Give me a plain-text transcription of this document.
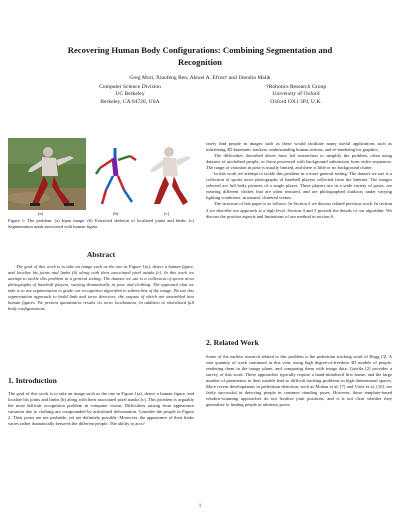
Recovering Human Body Configurations: Combining Segmentation and
Recognition
Greg Mori, Xiaofeng Ren, Alexei A. Efros† and Jitendra Malik
Computer Science Division
UC Berkeley
Berkeley, CA 94720, USA
†Robotics Research Group
University of Oxford
Oxford OX1 3PJ, U.K.
(a)	(b)	(c)
Figure 1: The problem: (a) Input image. (b) Extracted skeleton of localized joints and limbs. (c) Segmentation mask associated with human figure.
Abstract

The goal of this work is to take an image such as the one in Figure 1(a), detect a human figure, and localize his joints and limbs (b) along with their associated pixel masks (c). In this work we attempt to tackle this problem in a general setting. The dataset we use is a collection of sports news photographs of baseball players, varying dramatically in pose and clothing. The approach that we take is to use segmentation to guide our recognition algorithm to salient bits of the image. We use this segmentation approach to build limb and torso detectors, the outputs of which are assembled into human figures. We present quantitative results on torso localization, in addition to shortlisted full body configurations.

1. Introduction

The goal of this work is to take an image such as the one in Figure 1(a), detect a human figure, and localize his joints and limbs (b) along with their associated pixel masks (c). This problem is arguably the most difficult recognition problem in computer vision. Difficulties arising from appearance variation due to clothing are compounded by articulated deformation. Consider the people in Figure 2. Their poses are not probable, yet are definitely possible. Moreover, the appearance of their limbs varies rather dramatically between the different people. The ability to accu-

rately find people in images such as these would facilitate many useful applications such as initializing 3D kinematic trackers, understanding human actions, and re-rendering for graphics.

The difficulties described above have led researchers to simplify the problem, often using datasets of unclothed people, or those processed with background subtraction from video sequences. The range of variation in pose is usually limited, and there is little or no background clutter.

In this work we attempt to tackle this problem in a more general setting. The dataset we use is a collection of sports news photographs of baseball players collected from the Internet. The images selected are full body pictures of a single player. These players are in a wide variety of poses, are wearing different clothes that are often textured, and are photographed outdoors under varying lighting conditions, in natural, cluttered scenes.

The structure of this paper is as follows. In Section 2 we discuss related previous work. In section 3 we describe our approach at a high level. Section 4 and 5 provide the details of our algorithm. We discuss the positive aspects and limitations of our method in section 6.

2. Related Work

Some of the earliest research related to this problem is the pedestrian tracking work of Hogg [3]. A vast quantity of work continued in this vein, using high degree-of-freedom 3D models of people, rendering them in the image plane, and comparing them with image data. Gavrila [2] provides a survey of this work. These approaches typically require a hand-initialized first frame, and the large number of parameters in their models lead to difficult tracking problems in high dimensional spaces. More recent developments in pedestrian detection, such as Mohan et al. [7] and Viola et al. [10], are fairly successful in detecting people in common standing poses. However, these template-based window-scanning approaches do not localize joint positions, and it is not clear whether they generalize to finding people in arbitrary poses.

1
